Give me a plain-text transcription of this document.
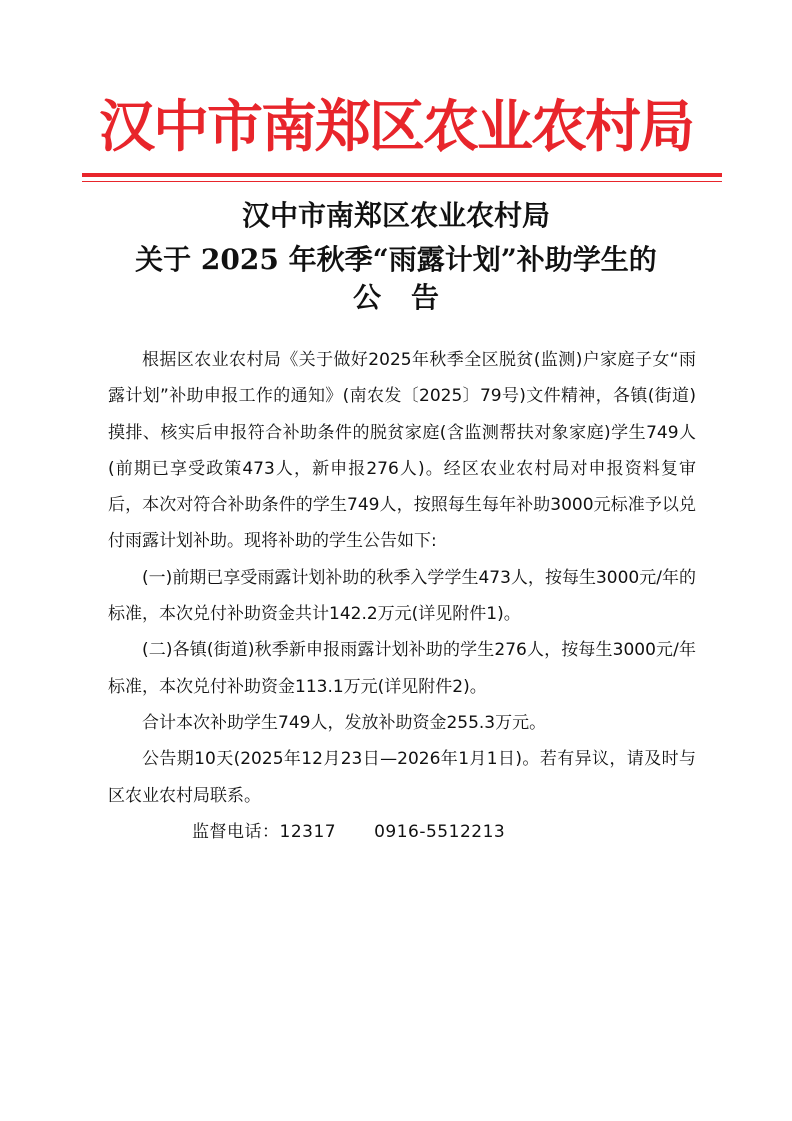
汉中市南郑区农业农村局
汉中市南郑区农业农村局
关于 2025 年秋季“雨露计划”补助学生的
公告

根据区农业农村局《关于做好2025年秋季全区脱贫(监测)户家庭子女“雨露计划”补助申报工作的通知》(南农发〔2025〕79号)文件精神，各镇(街道)摸排、核实后申报符合补助条件的脱贫家庭(含监测帮扶对象家庭)学生749人(前期已享受政策473人，新申报276人)。经区农业农村局对申报资料复审后，本次对符合补助条件的学生749人，按照每生每年补助3000元标准予以兑付雨露计划补助。现将补助的学生公告如下:

(一)前期已享受雨露计划补助的秋季入学学生473人，按每生3000元/年的标准，本次兑付补助资金共计142.2万元(详见附件1)。

(二)各镇(街道)秋季新申报雨露计划补助的学生276人，按每生3000元/年标准，本次兑付补助资金113.1万元(详见附件2)。

合计本次补助学生749人，发放补助资金255.3万元。

公告期10天(2025年12月23日—2026年1月1日)。若有异议，请及时与区农业农村局联系。

监督电话：12317 0916-5512213
